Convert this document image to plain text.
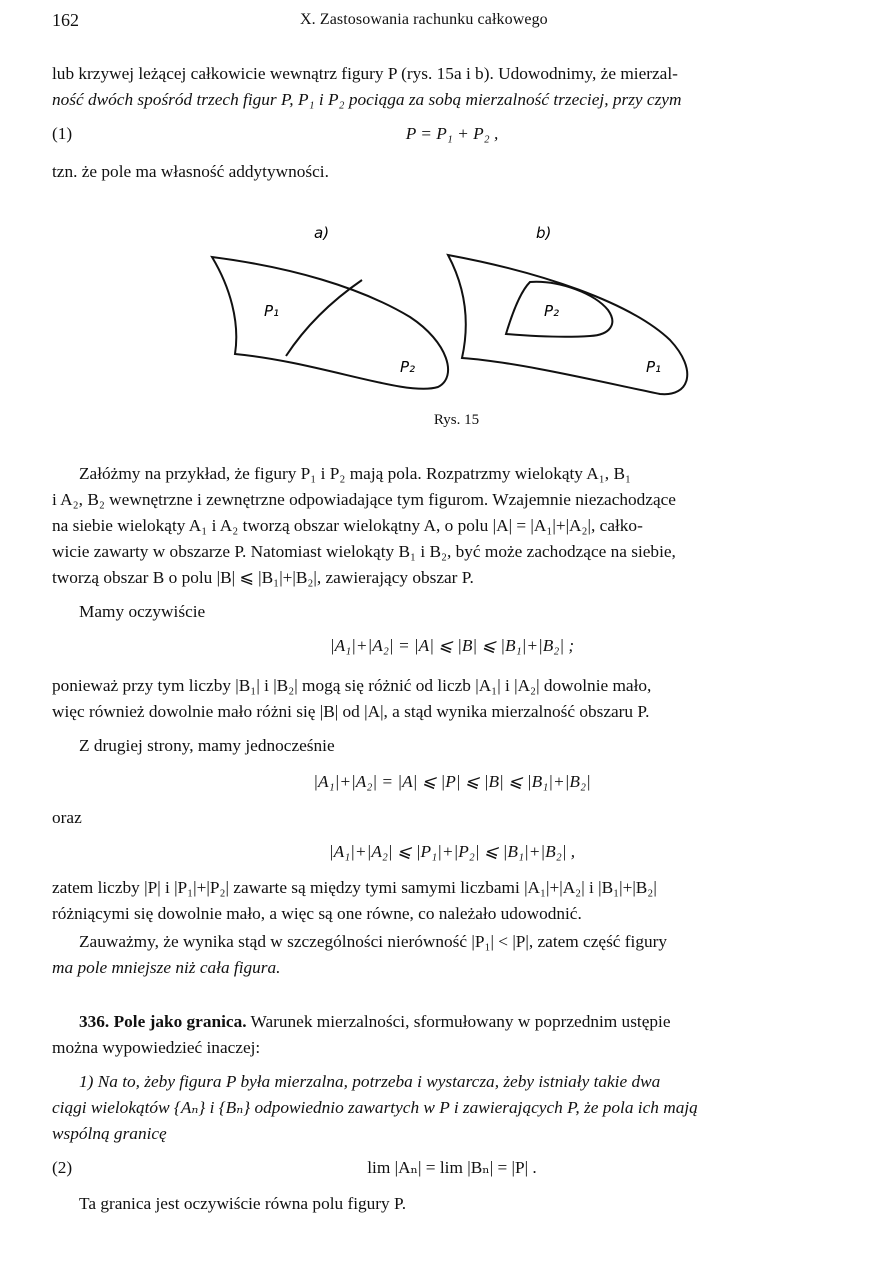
162	X. Zastosowania rachunku całkowego

lub krzywej leżącej całkowicie wewnątrz figury P (rys. 15a i b). Udowodnimy, że mierzal-

ność dwóch spośród trzech figur P, P₁ i P₂ pociąga za sobą mierzalność trzeciej, przy czym

(1)	P = P₁ + P₂ ,

tzn. że pole ma własność addytywności.

a)	b)
P₁
P₂
P₂
P₁
Rys. 15

Załóżmy na przykład, że figury P₁ i P₂ mają pola. Rozpatrzmy wielokąty A₁, B₁

i A₂, B₂ wewnętrzne i zewnętrzne odpowiadające tym figurom. Wzajemnie niezachodzące

na siebie wielokąty A₁ i A₂ tworzą obszar wielokątny A, o polu |A| = |A₁|+|A₂|, całko-

wicie zawarty w obszarze P. Natomiast wielokąty B₁ i B₂, być może zachodzące na siebie,

tworzą obszar B o polu |B| ⩽ |B₁|+|B₂|, zawierający obszar P.

Mamy oczywiście

|A₁|+|A₂| = |A| ⩽ |B| ⩽ |B₁|+|B₂| ;

ponieważ przy tym liczby |B₁| i |B₂| mogą się różnić od liczb |A₁| i |A₂| dowolnie mało,

więc również dowolnie mało różni się |B| od |A|, a stąd wynika mierzalność obszaru P.

Z drugiej strony, mamy jednocześnie

|A₁|+|A₂| = |A| ⩽ |P| ⩽ |B| ⩽ |B₁|+|B₂|

oraz

|A₁|+|A₂| ⩽ |P₁|+|P₂| ⩽ |B₁|+|B₂| ,

zatem liczby |P| i |P₁|+|P₂| zawarte są między tymi samymi liczbami |A₁|+|A₂| i |B₁|+|B₂|

różniącymi się dowolnie mało, a więc są one równe, co należało udowodnić.

Zauważmy, że wynika stąd w szczególności nierówność |P₁| < |P|, zatem część figury

ma pole mniejsze niż cała figura.

336. Pole jako granica. Warunek mierzalności, sformułowany w poprzednim ustępie

można wypowiedzieć inaczej:

1) Na to, żeby figura P była mierzalna, potrzeba i wystarcza, żeby istniały takie dwa

ciągi wielokątów {Aₙ} i {Bₙ} odpowiednio zawartych w P i zawierających P, że pola ich mają

wspólną granicę

(2)	lim |Aₙ| = lim |Bₙ| = |P| .

Ta granica jest oczywiście równa polu figury P.
